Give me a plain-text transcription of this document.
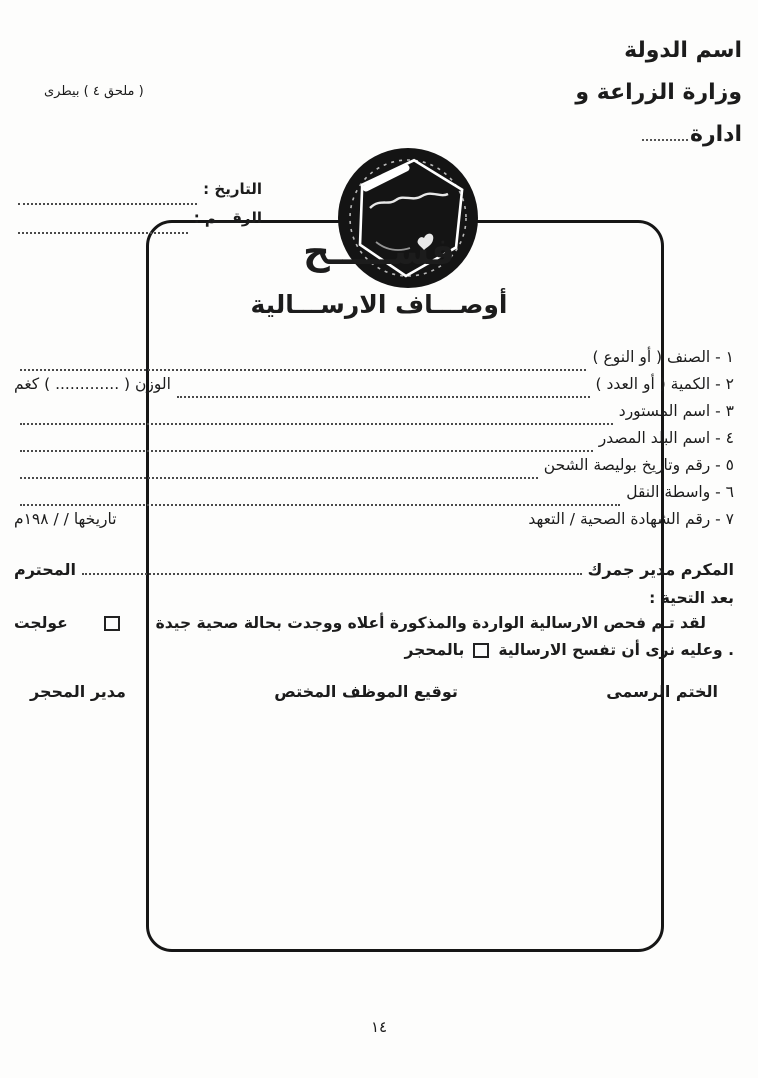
اسم الدولة
وزارة الزراعة و
ادارة
( ملحق ٤ ) بيطرى
التاريخ :
الرقـــم :
فســـــح
أوصـــاف الارســـالية
١ - الصنف ( أو النوع )
٢ - الكمية ( أو العدد )
الوزن ( ............. ) كغم
٣ - اسم المستورد
٤ - اسم البلد المصدر
٥ - رقم وتاريخ بوليصة الشحن
٦ - واسطة النقل
٧ - رقم الشهادة الصحية / التعهد
تاريخها / / ١٩٨م
المكرم مدير جمرك
المحترم
بعد التحية :
لقد تـم فحص الارسالية الواردة والمذكورة أعلاه ووجدت بحالة صحية جيدة
عولجت
بالمحجر وعليه نرى أن تفسح الارسالية .
الختم الرسمى
توقيع الموظف المختص
مدير المحجر
١٤
